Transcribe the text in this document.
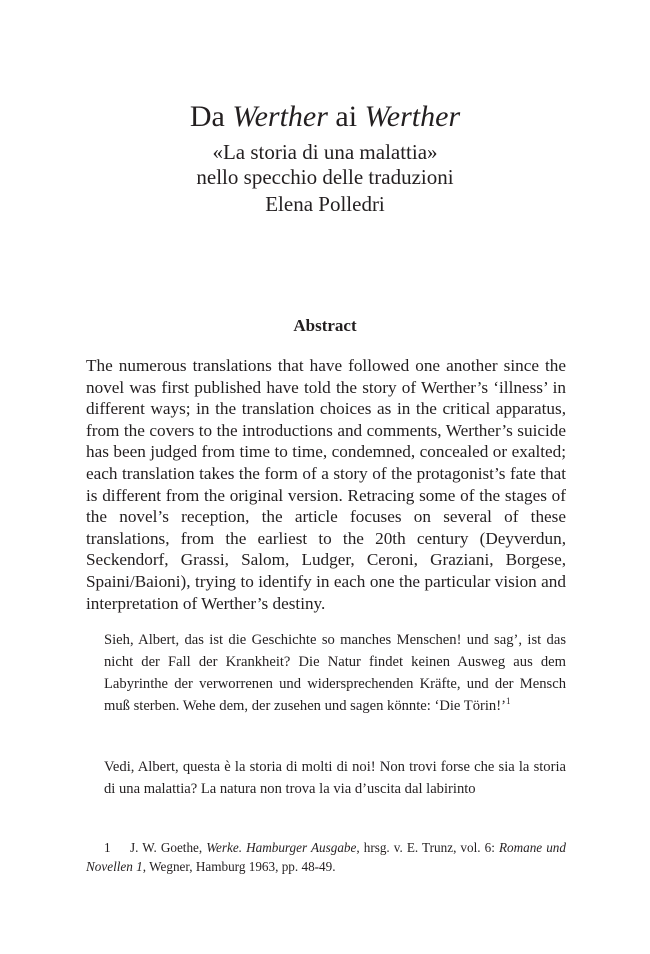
Da Werther ai Werther
«La storia di una malattia»
nello specchio delle traduzioni
Elena Polledri
Abstract

The numerous translations that have followed one another since the novel was first published have told the story of Werther’s ‘illness’ in different ways; in the translation choices as in the critical apparatus, from the covers to the introductions and comments, Werther’s suicide has been judged from time to time, condemned, concealed or exalted; each translation takes the form of a story of the protagonist’s fate that is different from the original version. Retracing some of the stages of the novel’s reception, the article focuses on several of these translations, from the earliest to the 20th century (Deyverdun, Seckendorf, Grassi, Salom, Ludger, Ceroni, Graziani, Borgese, Spaini/Baioni), trying to identify in each one the particular vision and interpretation of Werther’s destiny.

Sieh, Albert, das ist die Geschichte so manches Menschen! und sag’, ist das nicht der Fall der Krankheit? Die Natur findet keinen Ausweg aus dem Labyrinthe der verworrenen und widersprechenden Kräfte, und der Mensch muß sterben. Wehe dem, der zusehen und sagen könnte: ‘Die Törin!’$^1$

Vedi, Albert, questa è la storia di molti di noi! Non trovi forse che sia la storia di una malattia? La natura non trova la via d’uscita dal labirinto

1 J. W. Goethe, Werke. Hamburger Ausgabe, hrsg. v. E. Trunz, vol. 6: Romane und Novellen 1, Wegner, Hamburg 1963, pp. 48-49.
